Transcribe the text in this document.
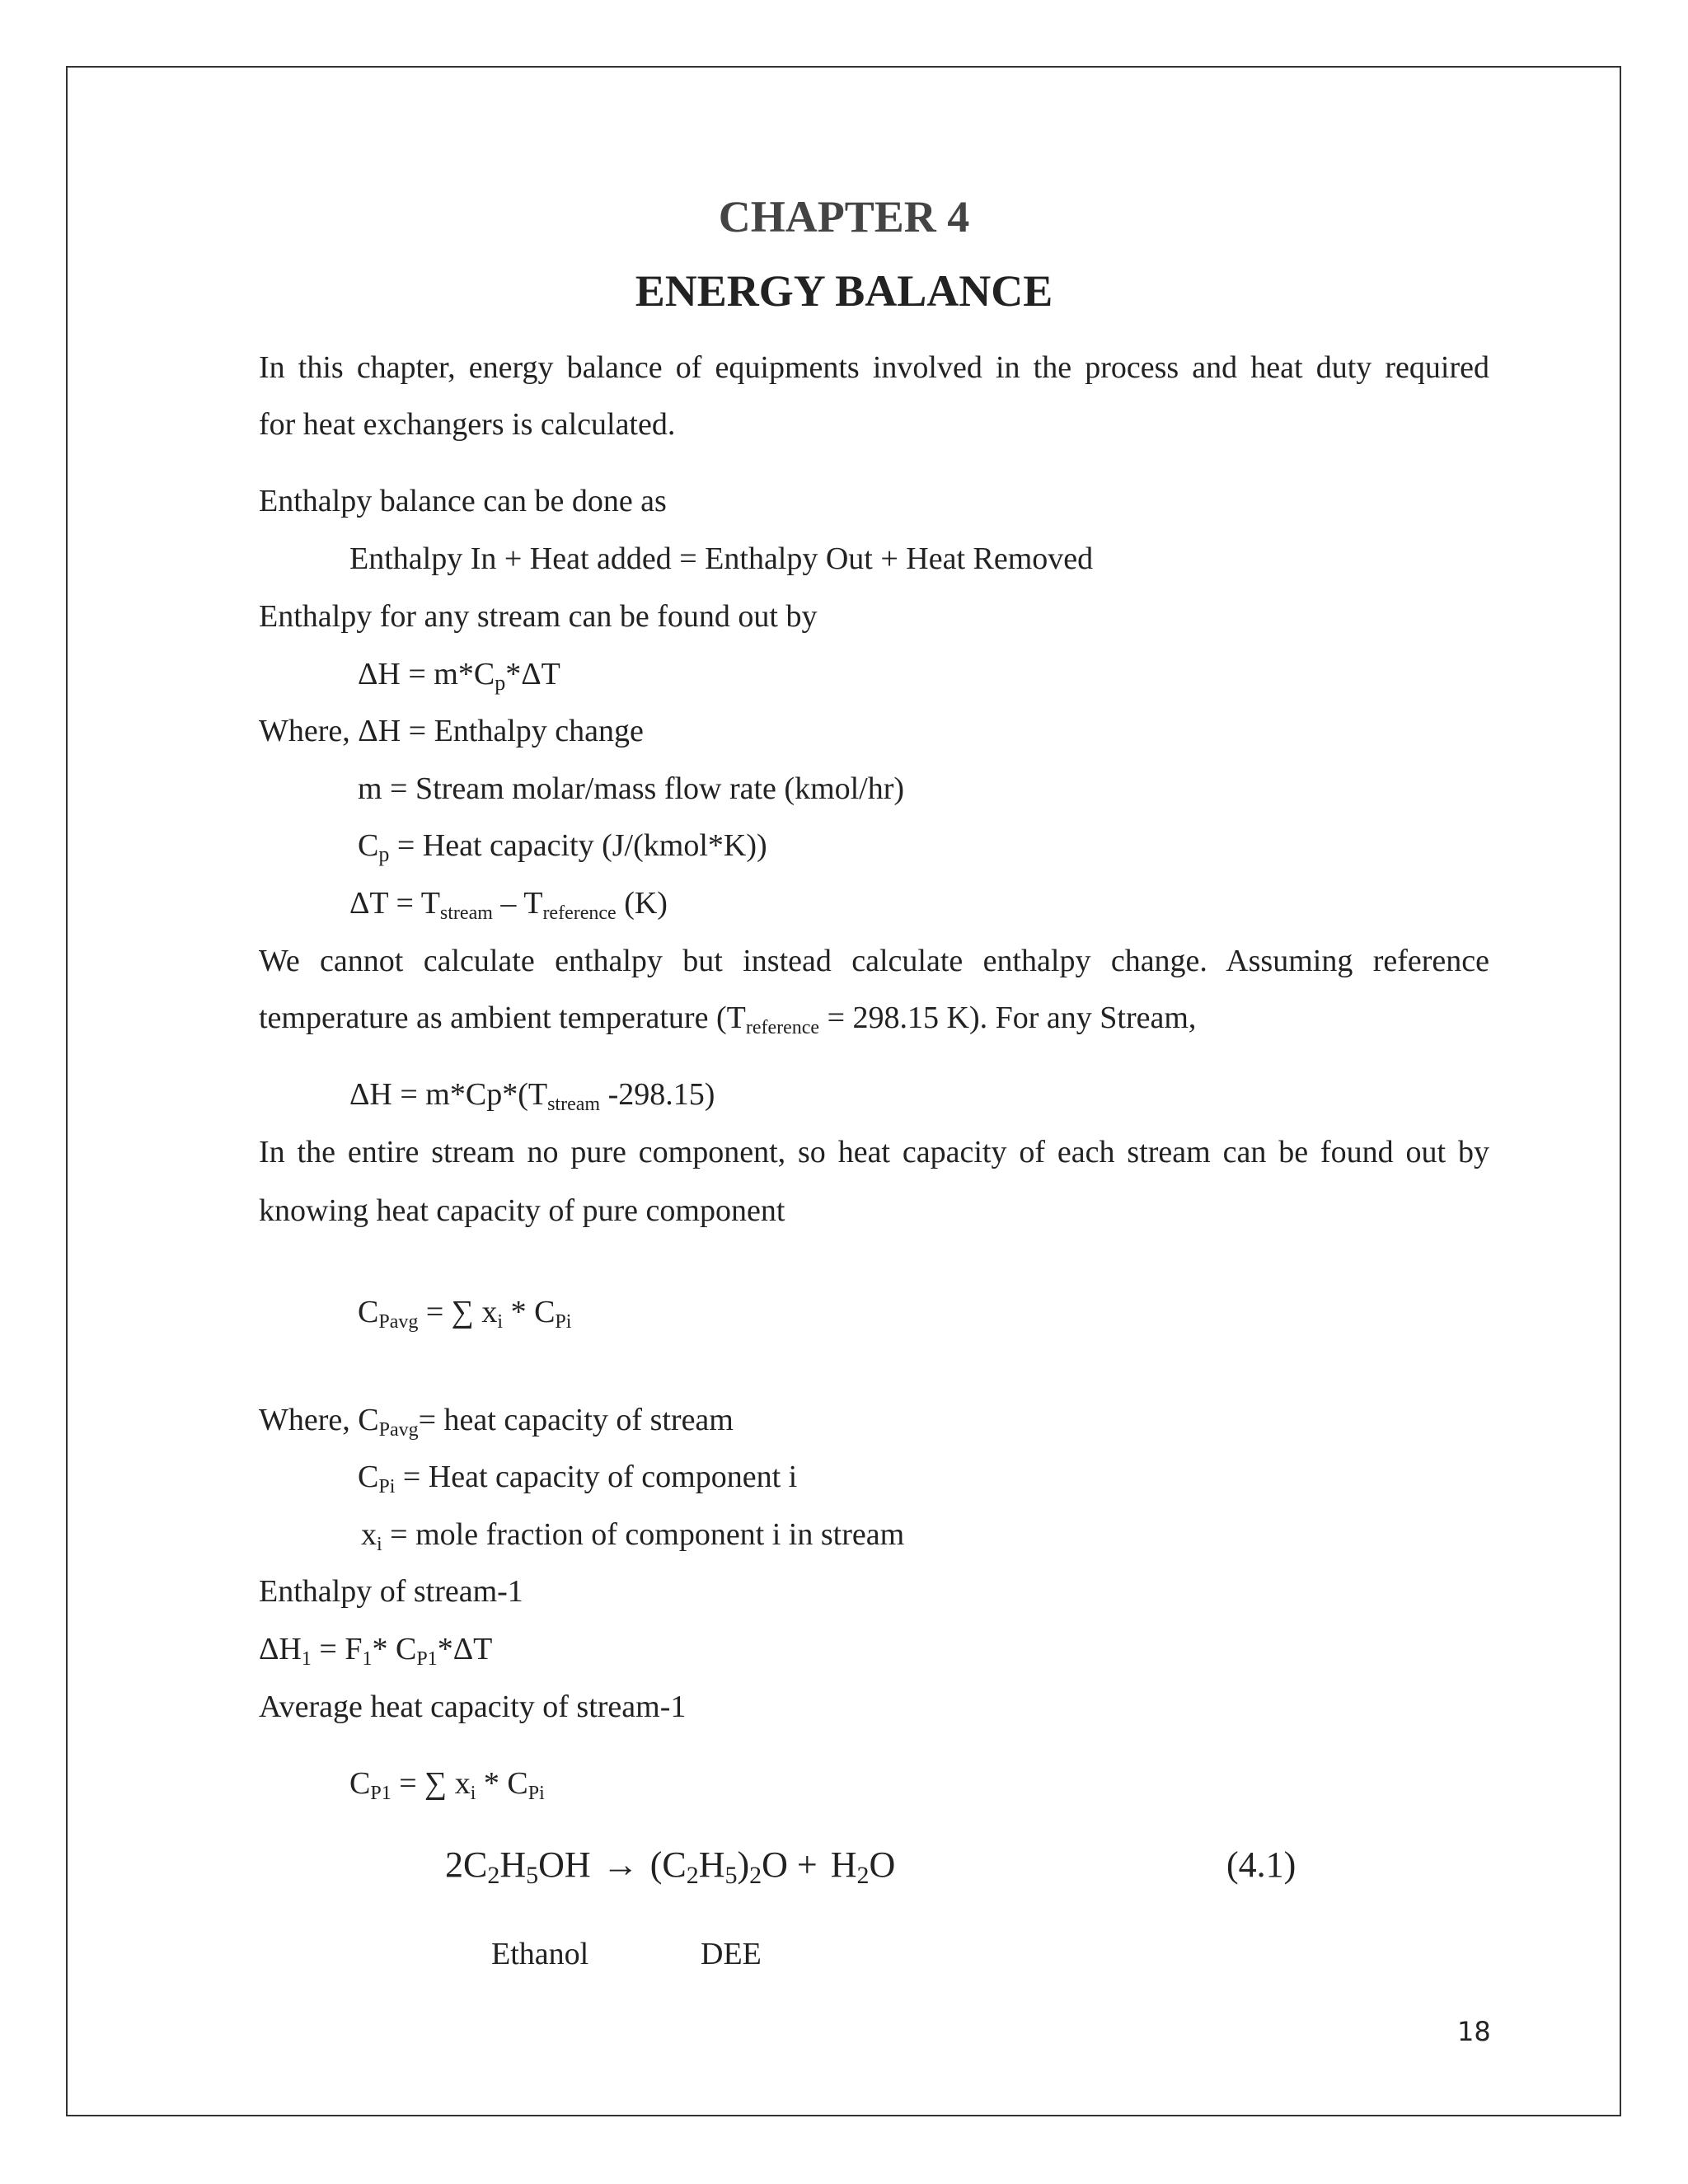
CHAPTER 4
ENERGY BALANCE
In this chapter, energy balance of equipments involved in the process and heat duty required
for heat exchangers is calculated.
Enthalpy balance can be done as
Enthalpy In + Heat added = Enthalpy Out + Heat Removed
Enthalpy for any stream can be found out by
$\Delta H = m*C_p*\Delta T$
Where, ΔH = Enthalpy change
m = Stream molar/mass flow rate (kmol/hr)
$C_p$ = Heat capacity (J/(kmol*K))
$\Delta T = T_{stream} - T_{reference}$ (K)
We cannot calculate enthalpy but instead calculate enthalpy change. Assuming reference
temperature as ambient temperature ($T_{reference} = 298.15$ K). For any Stream,
$\Delta H = m*Cp*(T_{stream}$ -298.15)
In the entire stream no pure component, so heat capacity of each stream can be found out by
knowing heat capacity of pure component
$C_{Pavg}$ = ∑ $x_i * C_{Pi}$
Where, $C_{Pavg}=$ heat capacity of stream
$C_{Pi}$ = Heat capacity of component i
$x_i$ = mole fraction of component i in stream
Enthalpy of stream-1
$\Delta H_1 = F_1*$ $C_{P1}*\Delta T$
Average heat capacity of stream-1
$C_{P1}$ = ∑ $x_i * C_{Pi}$
$2C_2H_5OH \to (C_2H_5)_2O + H_2O$	(4.1)
Ethanol	DEE
18
